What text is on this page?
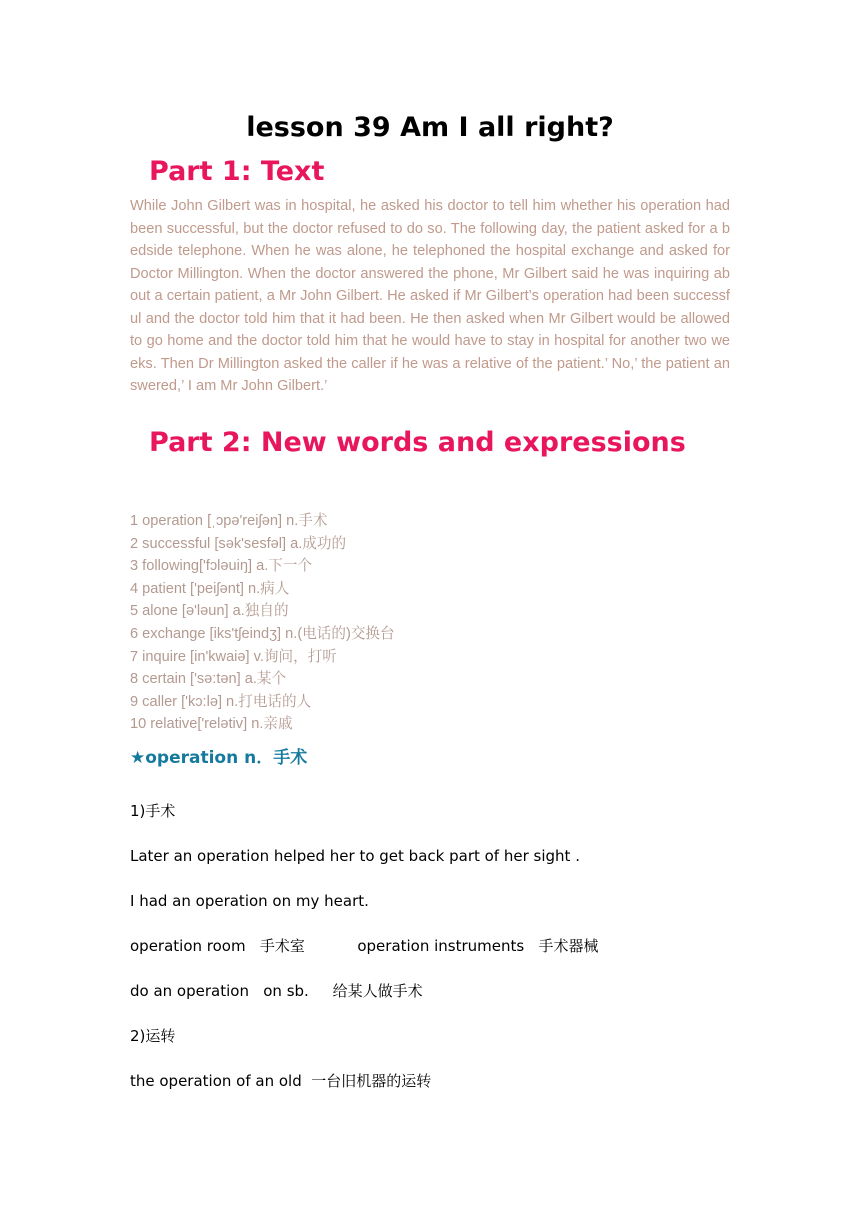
lesson 39 Am I all right?
Part 1: Text
While John Gilbert was in hospital, he asked his doctor to tell him whether his operation had been successful, but the doctor refused to do so. The following day, the patient asked for a bedside telephone. When he was alone, he telephoned the hospital exchange and asked for Doctor Millington. When the doctor answered the phone, Mr Gilbert said he was inquiring about a certain patient, a Mr John Gilbert. He asked if Mr Gilbert’s operation had been successful and the doctor told him that it had been. He then asked when Mr Gilbert would be allowed to go home and the doctor told him that he would have to stay in hospital for another two weeks. Then Dr Millington asked the caller if he was a relative of the patient.’ No,’ the patient answered,’ I am Mr John Gilbert.’
Part 2: New words and expressions
1 operation [ˌɔpə'reiʃən] n.手术
2 successful [sək'sesfəl] a.成功的
3 following['fɔləuiŋ] a.下一个
4 patient ['peiʃənt] n.病人
5 alone [ə'ləun] a.独自的
6 exchange [iks'tʃeindʒ] n.(电话的)交换台
7 inquire [in'kwaiə] v.询问，打听
8 certain ['sə:tən] a.某个
9 caller ['kɔ:lə] n.打电话的人
10 relative['relətiv] n.亲戚
★operation n．手术
1)手术
Later an operation helped her to get back part of her sight .
I had an operation on my heart.
operation room   手术室           operation instruments   手术器械
do an operation   on sb.     给某人做手术
2)运转
the operation of an old  一台旧机器的运转
